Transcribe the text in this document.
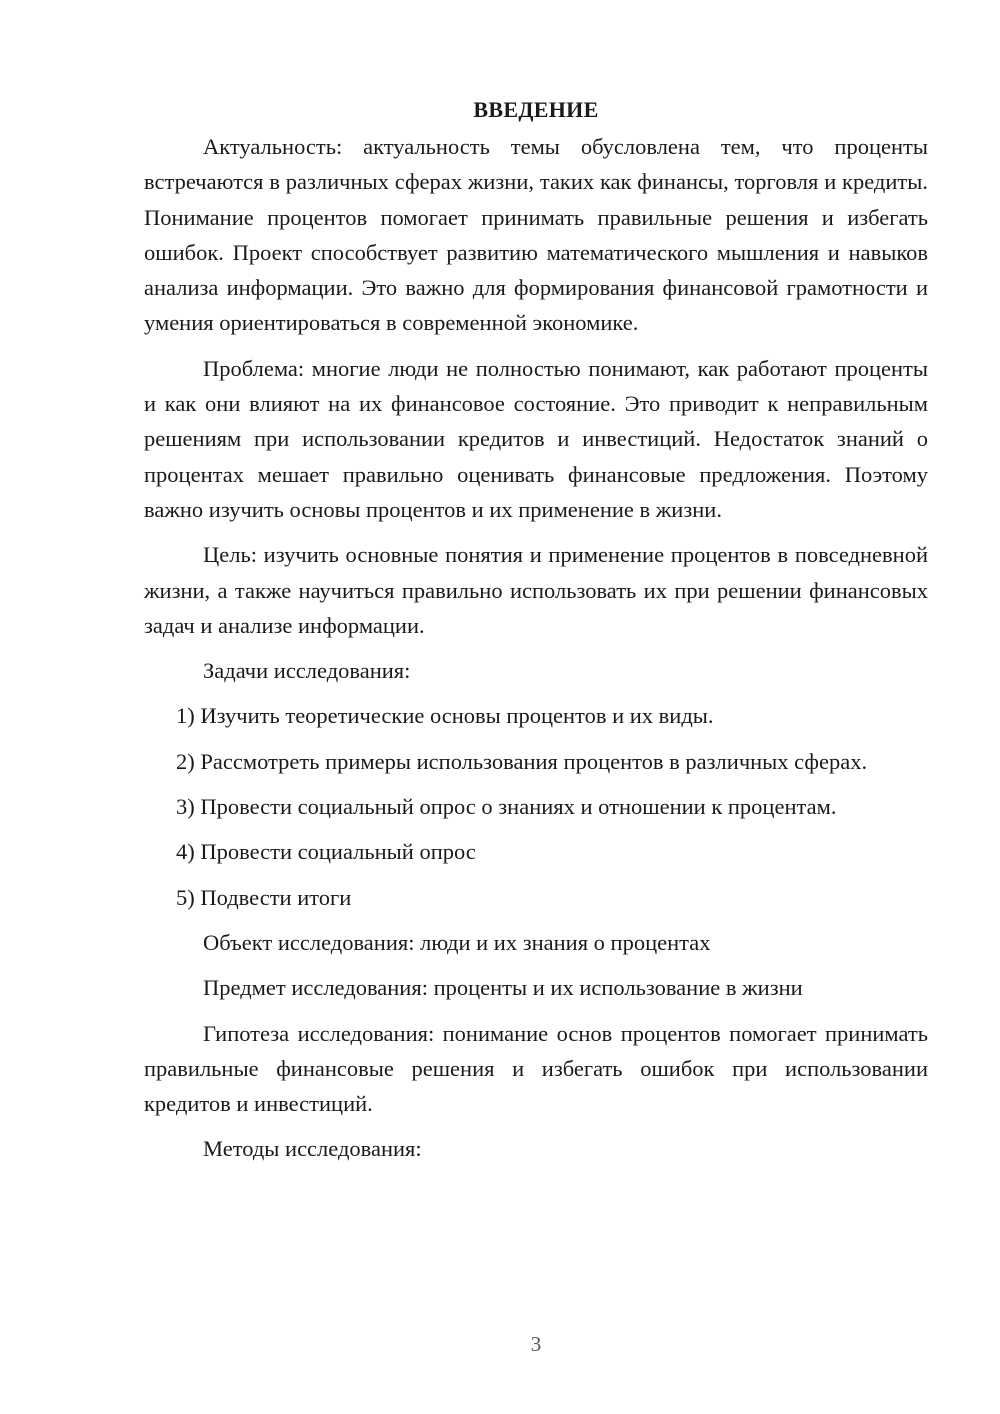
ВВЕДЕНИЕ

Актуальность: актуальность темы обусловлена тем, что проценты встречаются в различных сферах жизни, таких как финансы, торговля и кредиты. Понимание процентов помогает принимать правильные решения и избегать ошибок. Проект способствует развитию математического мышления и навыков анализа информации. Это важно для формирования финансовой грамотности и умения ориентироваться в современной экономике.

Проблема: многие люди не полностью понимают, как работают проценты и как они влияют на их финансовое состояние. Это приводит к неправильным решениям при использовании кредитов и инвестиций. Недостаток знаний о процентах мешает правильно оценивать финансовые предложения. Поэтому важно изучить основы процентов и их применение в жизни.

Цель: изучить основные понятия и применение процентов в повседневной жизни, а также научиться правильно использовать их при решении финансовых задач и анализе информации.

Задачи исследования:

1) Изучить теоретические основы процентов и их виды.

2) Рассмотреть примеры использования процентов в различных сферах.

3) Провести социальный опрос о знаниях и отношении к процентам.

4) Провести социальный опрос

5) Подвести итоги

Объект исследования: люди и их знания о процентах

Предмет исследования: проценты и их использование в жизни

Гипотеза исследования: понимание основ процентов помогает принимать правильные финансовые решения и избегать ошибок при использовании кредитов и инвестиций.

Методы исследования:

3
